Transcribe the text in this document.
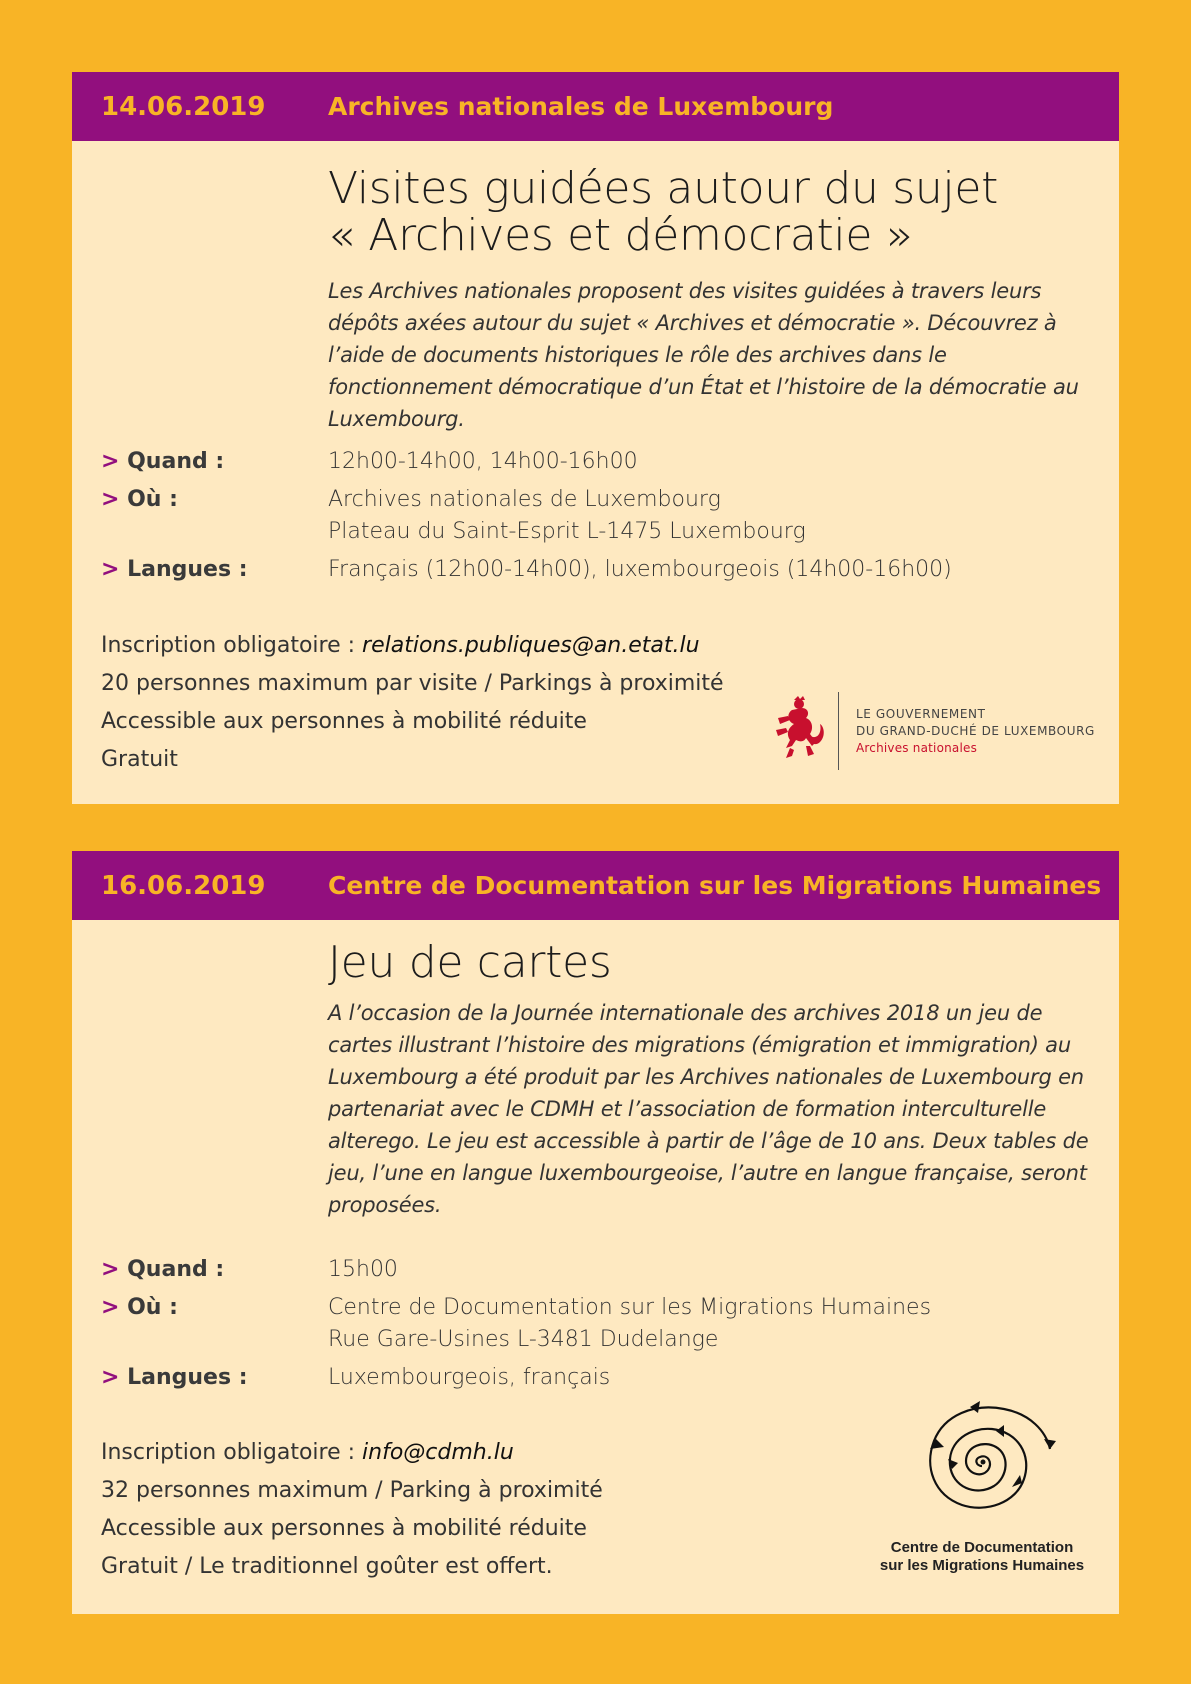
14.06.2019	Archives nationales de Luxembourg
Visites guidées autour du sujet
« Archives et démocratie »

Les Archives nationales proposent des visites guidées à travers leurs dépôts axées autour du sujet « Archives et démocratie ». Découvrez à l’aide de documents historiques le rôle des archives dans le fonctionnement démocratique d’un État et l’histoire de la démocratie au Luxembourg.

> Quand :	12h00-14h00, 14h00-16h00
> Où :	Archives nationales de Luxembourg
Plateau du Saint-Esprit L-1475 Luxembourg
> Langues :	Français (12h00-14h00), luxembourgeois (14h00-16h00)
Inscription obligatoire : relations.publiques@an.etat.lu
20 personnes maximum par visite / Parkings à proximité
Accessible aux personnes à mobilité réduite
Gratuit
LE GOUVERNEMENT
DU GRAND-DUCHÉ DE LUXEMBOURG
Archives nationales
16.06.2019	Centre de Documentation sur les Migrations Humaines
Jeu de cartes

A l’occasion de la Journée internationale des archives 2018 un jeu de cartes illustrant l’histoire des migrations (émigration et immigration) au Luxembourg a été produit par les Archives nationales de Luxembourg en partenariat avec le CDMH et l’association de formation interculturelle alterego. Le jeu est accessible à partir de l’âge de 10 ans. Deux tables de jeu, l’une en langue luxembourgeoise, l’autre en langue française, seront proposées.

> Quand :	15h00
> Où :	Centre de Documentation sur les Migrations Humaines
Rue Gare-Usines L-3481 Dudelange
> Langues :	Luxembourgeois, français
Inscription obligatoire : info@cdmh.lu
32 personnes maximum / Parking à proximité
Accessible aux personnes à mobilité réduite
Gratuit / Le traditionnel goûter est offert.
Centre de Documentation
sur les Migrations Humaines
